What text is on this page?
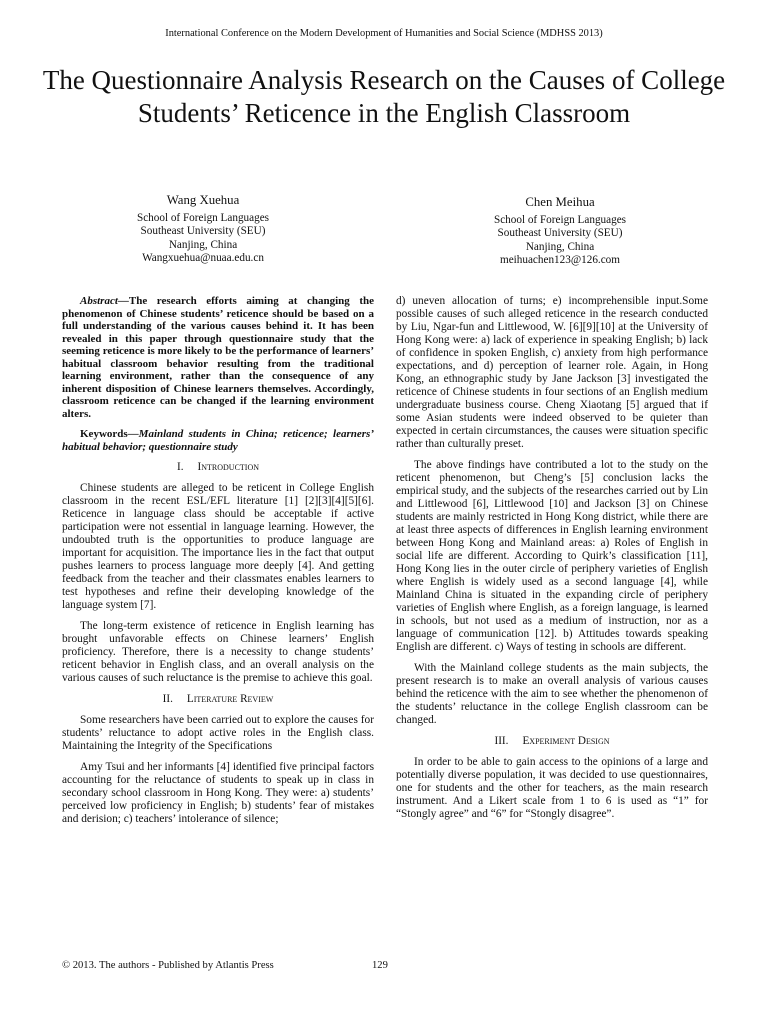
International Conference on the Modern Development of Humanities and Social Science (MDHSS 2013)
The Questionnaire Analysis Research on the Causes of College Students’ Reticence in the English Classroom
Wang Xuehua
School of Foreign Languages
Southeast University (SEU)
Nanjing, China
Wangxuehua@nuaa.edu.cn
Chen Meihua
School of Foreign Languages
Southeast University (SEU)
Nanjing, China
meihuachen123@126.com

Abstract—The research efforts aiming at changing the phenomenon of Chinese students’ reticence should be based on a full understanding of the various causes behind it. It has been revealed in this paper through questionnaire study that the seeming reticence is more likely to be the performance of learners’ habitual classroom behavior resulting from the traditional learning environment, rather than the consequence of any inherent disposition of Chinese learners themselves. Accordingly, classroom reticence can be changed if the learning environment alters.

Keywords—Mainland students in China; reticence; learners’ habitual behavior; questionnaire study

I. Introduction

Chinese students are alleged to be reticent in College English classroom in the recent ESL/EFL literature [1] [2][3][4][5][6]. Reticence in language class should be acceptable if active participation were not essential in language learning. However, the undoubted truth is the opportunities to produce language are important for acquisition. The importance lies in the fact that output pushes learners to process language more deeply [4]. And getting feedback from the teacher and their classmates enables learners to test hypotheses and refine their developing knowledge of the language system [7].

The long-term existence of reticence in English learning has brought unfavorable effects on Chinese learners’ English proficiency. Therefore, there is a necessity to change students’ reticent behavior in English class, and an overall analysis on the various causes of such reluctance is the premise to achieve this goal.

II. Literature Review

Some researchers have been carried out to explore the causes for students’ reluctance to adopt active roles in the English class. Maintaining the Integrity of the Specifications

Amy Tsui and her informants [4] identified five principal factors accounting for the reluctance of students to speak up in class in secondary school classroom in Hong Kong. They were: a) students’ perceived low proficiency in English; b) students’ fear of mistakes and derision; c) teachers’ intolerance of silence;

d) uneven allocation of turns; e) incomprehensible input.Some possible causes of such alleged reticence in the research conducted by Liu, Ngar-fun and Littlewood, W. [6][9][10] at the University of Hong Kong were: a) lack of experience in speaking English; b) lack of confidence in spoken English, c) anxiety from high performance expectations, and d) perception of learner role. Again, in Hong Kong, an ethnographic study by Jane Jackson [3] investigated the reticence of Chinese students in four sections of an English medium undergraduate business course. Cheng Xiaotang [5] argued that if some Asian students were indeed observed to be quieter than expected in certain circumstances, the causes were situation specific rather than culturally preset.

The above findings have contributed a lot to the study on the reticent phenomenon, but Cheng’s [5] conclusion lacks the empirical study, and the subjects of the researches carried out by Lin and Littlewood [6], Littlewood [10] and Jackson [3] on Chinese students are mainly restricted in Hong Kong district, while there are at least three aspects of differences in English learning environment between Hong Kong and Mainland areas: a) Roles of English in social life are different. According to Quirk’s classification [11], Hong Kong lies in the outer circle of periphery varieties of English where English is widely used as a second language [4], while Mainland China is situated in the expanding circle of periphery varieties of English where English, as a foreign language, is learned in schools, but not used as a medium of instruction, nor as a language of communication [12]. b) Attitudes towards speaking English are different. c) Ways of testing in schools are different.

With the Mainland college students as the main subjects, the present research is to make an overall analysis of various causes behind the reticence with the aim to see whether the phenomenon of the students’ reluctance in the college English classroom can be changed.

III. Experiment Design

In order to be able to gain access to the opinions of a large and potentially diverse population, it was decided to use questionnaires, one for students and the other for teachers, as the main research instrument. And a Likert scale from 1 to 6 is used as “1” for “Stongly agree” and “6” for “Stongly disagree”.

© 2013. The authors - Published by Atlantis Press	129
